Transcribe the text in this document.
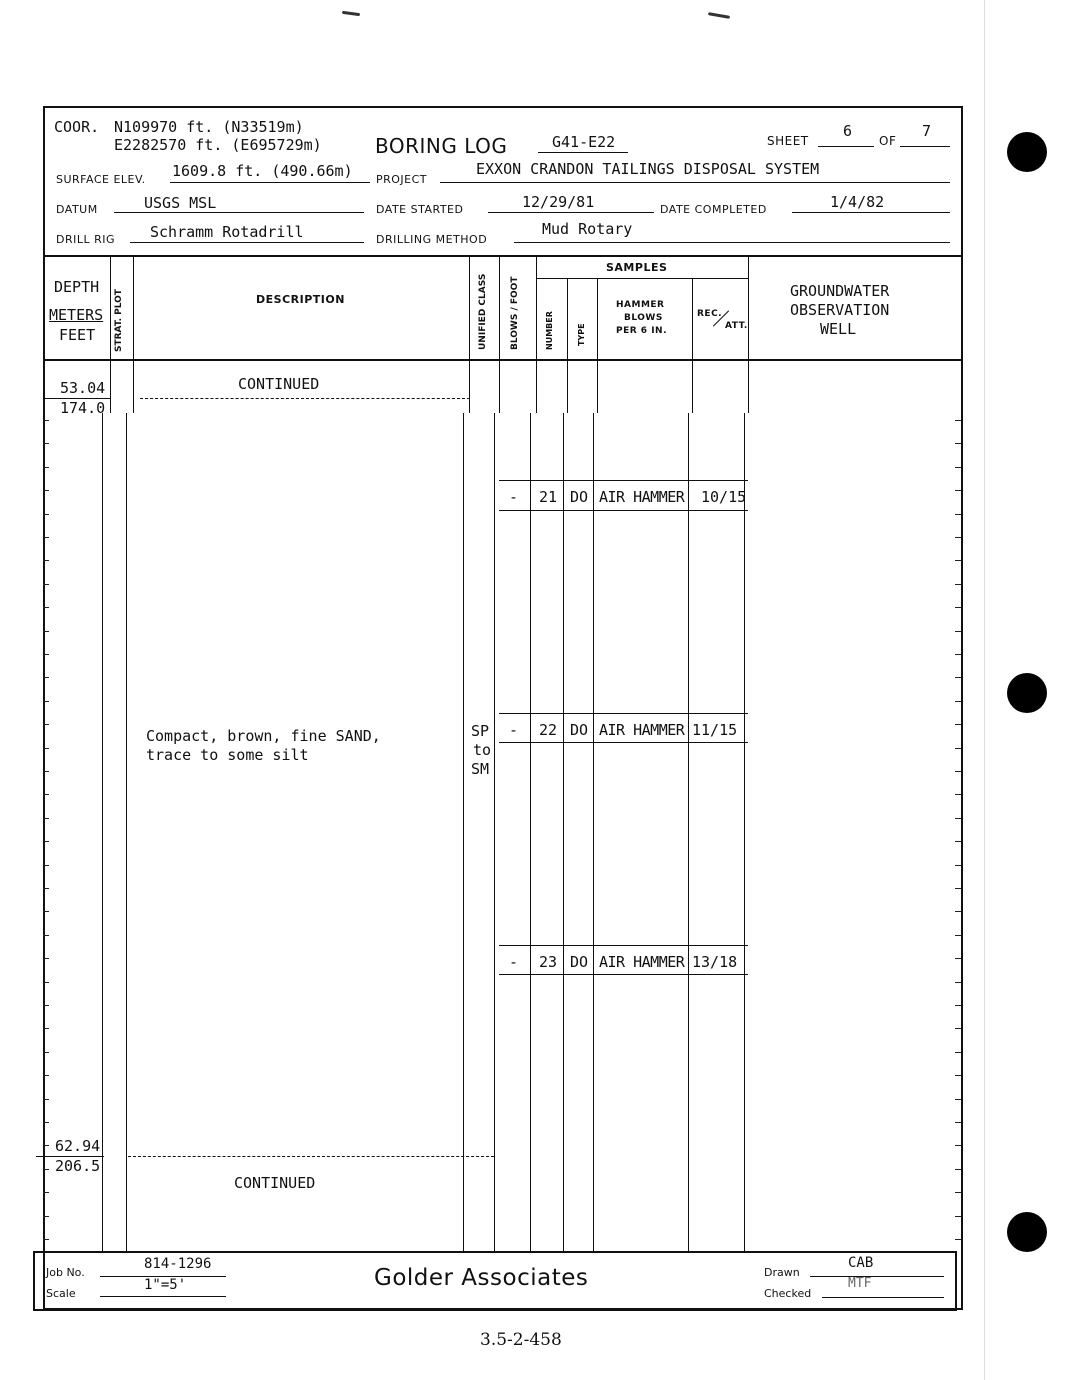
COOR. N109970 ft. (N33519m)
E2282570 ft. (E695729m)	BORING LOG	G41-E22	SHEET
6
OF
7
SURFACE ELEV. 1609.8 ft. (490.66m) PROJECT
EXXON CRANDON TAILINGS DISPOSAL SYSTEM
DATUM	USGS MSL	DATE STARTED	12/29/81	DATE COMPLETED	1/4/82
DRILL RIG Schramm Rotadrill	DRILLING METHOD
Mud Rotary
DEPTH
METERS
FEET STRAT. PLOT	DESCRIPTION	UNIFIED CLASS BLOWS / FOOT
SAMPLES
NUMBER	TYPE
HAMMER
BLOWS
PER 6 IN.
REC.
ATT.
GROUNDWATER
OBSERVATION
WELL
53.04
174.0
CONTINUED
Compact, brown, fine SAND,
trace to some silt
SP
to
SM
- 21 DO AIR HAMMER 10/15
- 22 DO AIR HAMMER 11/15
- 23 DO AIR HAMMER 13/18
62.94
206.5
CONTINUED
Job No.
814-1296
Scale
1"=5'	Golder Associates	Drawn
CAB
Checked
MTF
3.5-2-458
